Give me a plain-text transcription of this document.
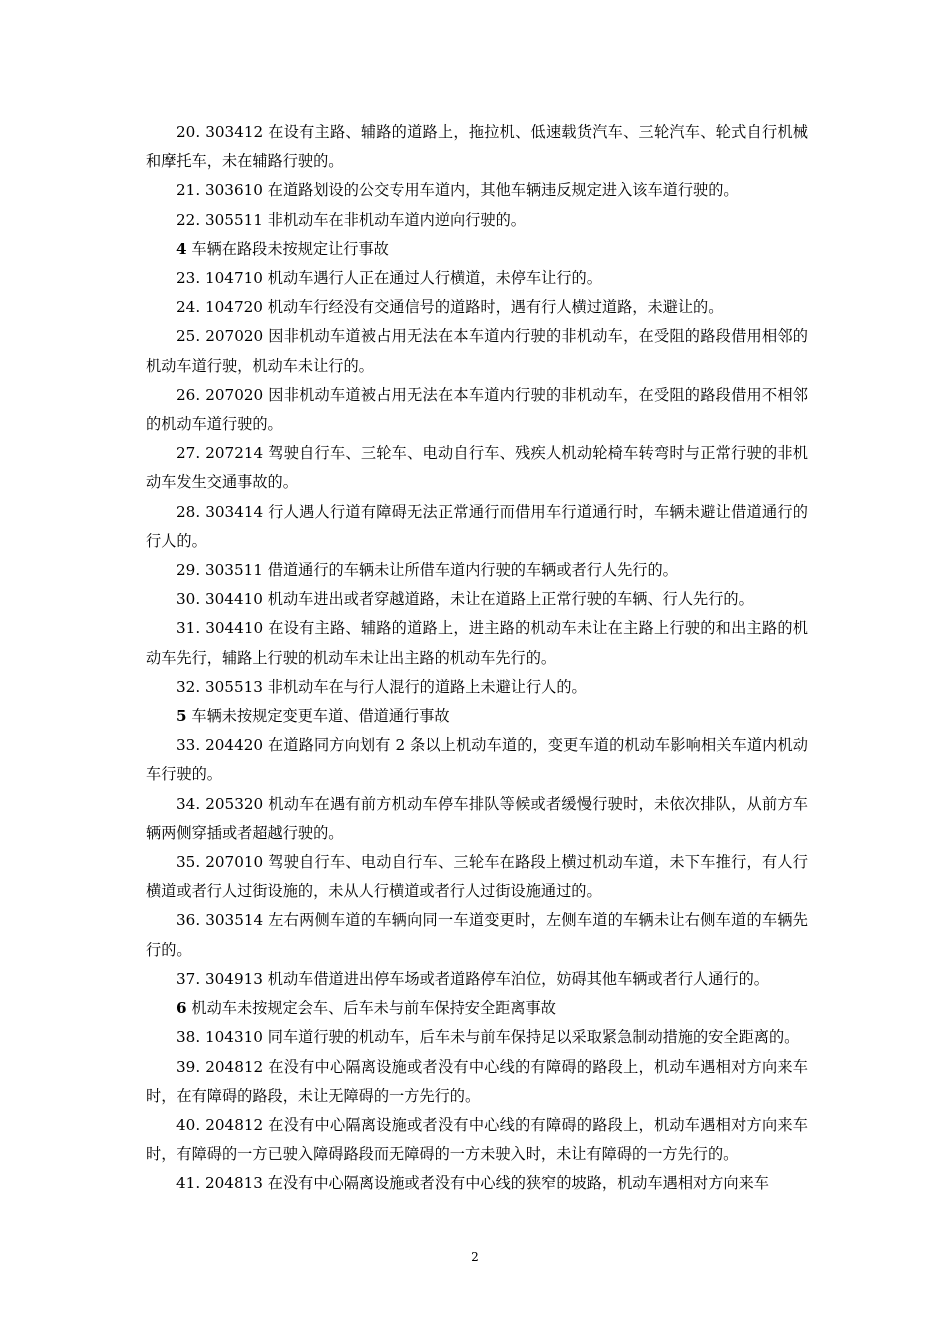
20. 303412 在设有主路、辅路的道路上，拖拉机、低速载货汽车、三轮汽车、轮式自行机械和摩托车，未在辅路行驶的。

21. 303610 在道路划设的公交专用车道内，其他车辆违反规定进入该车道行驶的。

22. 305511 非机动车在非机动车道内逆向行驶的。

4 车辆在路段未按规定让行事故

23. 104710 机动车遇行人正在通过人行横道，未停车让行的。

24. 104720 机动车行经没有交通信号的道路时，遇有行人横过道路，未避让的。

25. 207020 因非机动车道被占用无法在本车道内行驶的非机动车，在受阻的路段借用相邻的机动车道行驶，机动车未让行的。

26. 207020 因非机动车道被占用无法在本车道内行驶的非机动车，在受阻的路段借用不相邻的机动车道行驶的。

27. 207214 驾驶自行车、三轮车、电动自行车、残疾人机动轮椅车转弯时与正常行驶的非机动车发生交通事故的。

28. 303414 行人遇人行道有障碍无法正常通行而借用车行道通行时，车辆未避让借道通行的行人的。

29. 303511 借道通行的车辆未让所借车道内行驶的车辆或者行人先行的。

30. 304410 机动车进出或者穿越道路，未让在道路上正常行驶的车辆、行人先行的。

31. 304410 在设有主路、辅路的道路上，进主路的机动车未让在主路上行驶的和出主路的机动车先行，辅路上行驶的机动车未让出主路的机动车先行的。

32. 305513 非机动车在与行人混行的道路上未避让行人的。

5 车辆未按规定变更车道、借道通行事故

33. 204420 在道路同方向划有 2 条以上机动车道的，变更车道的机动车影响相关车道内机动车行驶的。

34. 205320 机动车在遇有前方机动车停车排队等候或者缓慢行驶时，未依次排队，从前方车辆两侧穿插或者超越行驶的。

35. 207010 驾驶自行车、电动自行车、三轮车在路段上横过机动车道，未下车推行，有人行横道或者行人过街设施的，未从人行横道或者行人过街设施通过的。

36. 303514 左右两侧车道的车辆向同一车道变更时，左侧车道的车辆未让右侧车道的车辆先行的。

37. 304913 机动车借道进出停车场或者道路停车泊位，妨碍其他车辆或者行人通行的。

6 机动车未按规定会车、后车未与前车保持安全距离事故

38. 104310 同车道行驶的机动车，后车未与前车保持足以采取紧急制动措施的安全距离的。

39. 204812 在没有中心隔离设施或者没有中心线的有障碍的路段上，机动车遇相对方向来车时，在有障碍的路段，未让无障碍的一方先行的。

40. 204812 在没有中心隔离设施或者没有中心线的有障碍的路段上，机动车遇相对方向来车时，有障碍的一方已驶入障碍路段而无障碍的一方未驶入时，未让有障碍的一方先行的。

41. 204813 在没有中心隔离设施或者没有中心线的狭窄的坡路，机动车遇相对方向来车

2
